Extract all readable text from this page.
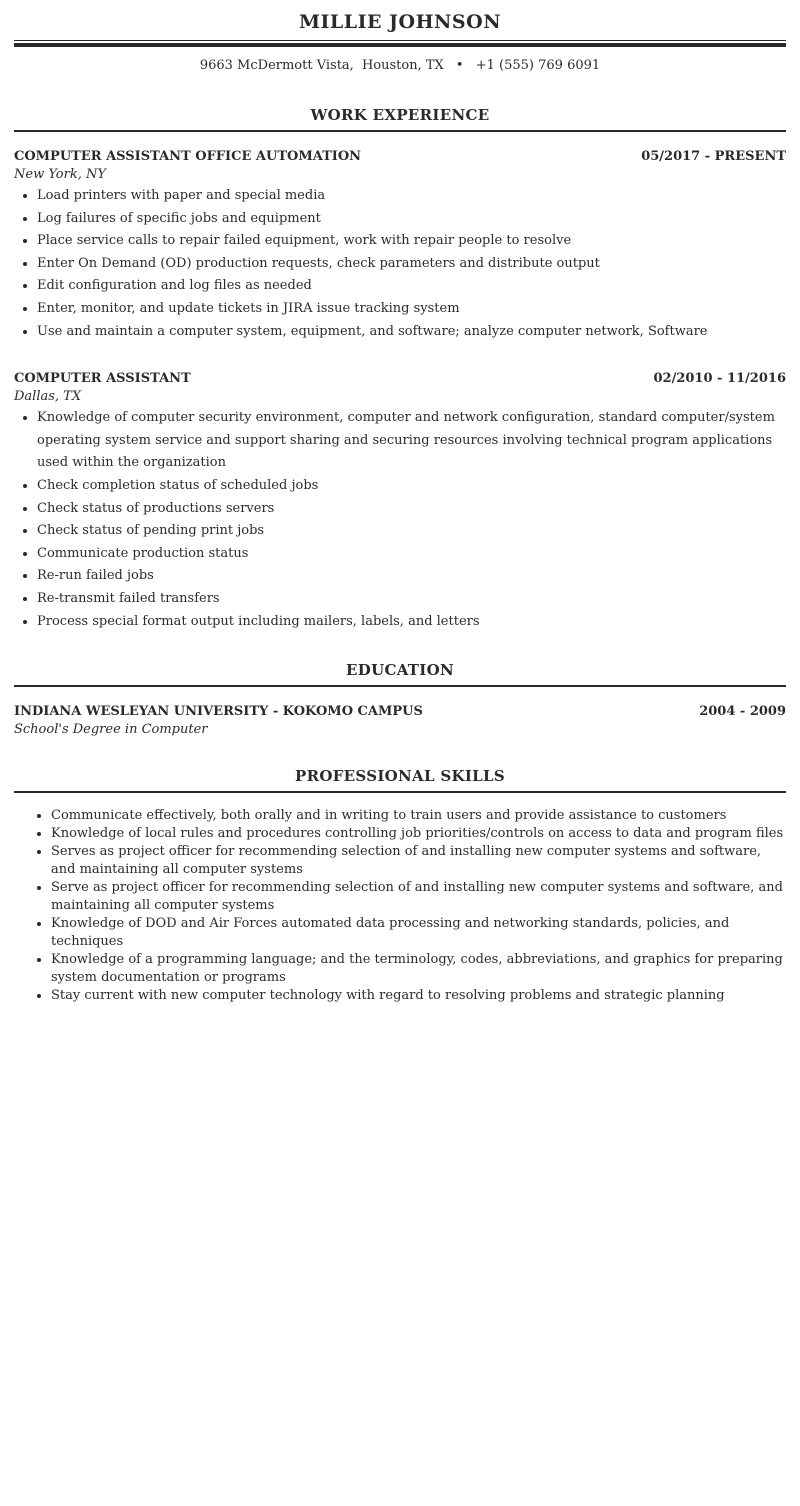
MILLIE JOHNSON
9663 McDermott Vista, Houston, TX • +1 (555) 769 6091
WORK EXPERIENCE
COMPUTER ASSISTANT OFFICE AUTOMATION	05/2017 - PRESENT
New York, NY
• Load printers with paper and special media
• Log failures of specific jobs and equipment
• Place service calls to repair failed equipment, work with repair people to resolve
• Enter On Demand (OD) production requests, check parameters and distribute output
• Edit configuration and log files as needed
• Enter, monitor, and update tickets in JIRA issue tracking system
• Use and maintain a computer system, equipment, and software; analyze computer network, Software
COMPUTER ASSISTANT	02/2010 - 11/2016
Dallas, TX
• Knowledge of computer security environment, computer and network configuration, standard computer/system operating system service and support sharing and securing resources involving technical program applications used within the organization
• Check completion status of scheduled jobs
• Check status of productions servers
• Check status of pending print jobs
• Communicate production status
• Re-run failed jobs
• Re-transmit failed transfers
• Process special format output including mailers, labels, and letters
EDUCATION
INDIANA WESLEYAN UNIVERSITY - KOKOMO CAMPUS	2004 - 2009
School's Degree in Computer
PROFESSIONAL SKILLS
• Communicate effectively, both orally and in writing to train users and provide assistance to customers
• Knowledge of local rules and procedures controlling job priorities/controls on access to data and program files
• Serves as project officer for recommending selection of and installing new computer systems and software, and maintaining all computer systems
• Serve as project officer for recommending selection of and installing new computer systems and software, and maintaining all computer systems
• Knowledge of DOD and Air Forces automated data processing and networking standards, policies, and techniques
• Knowledge of a programming language; and the terminology, codes, abbreviations, and graphics for preparing system documentation or programs
• Stay current with new computer technology with regard to resolving problems and strategic planning
